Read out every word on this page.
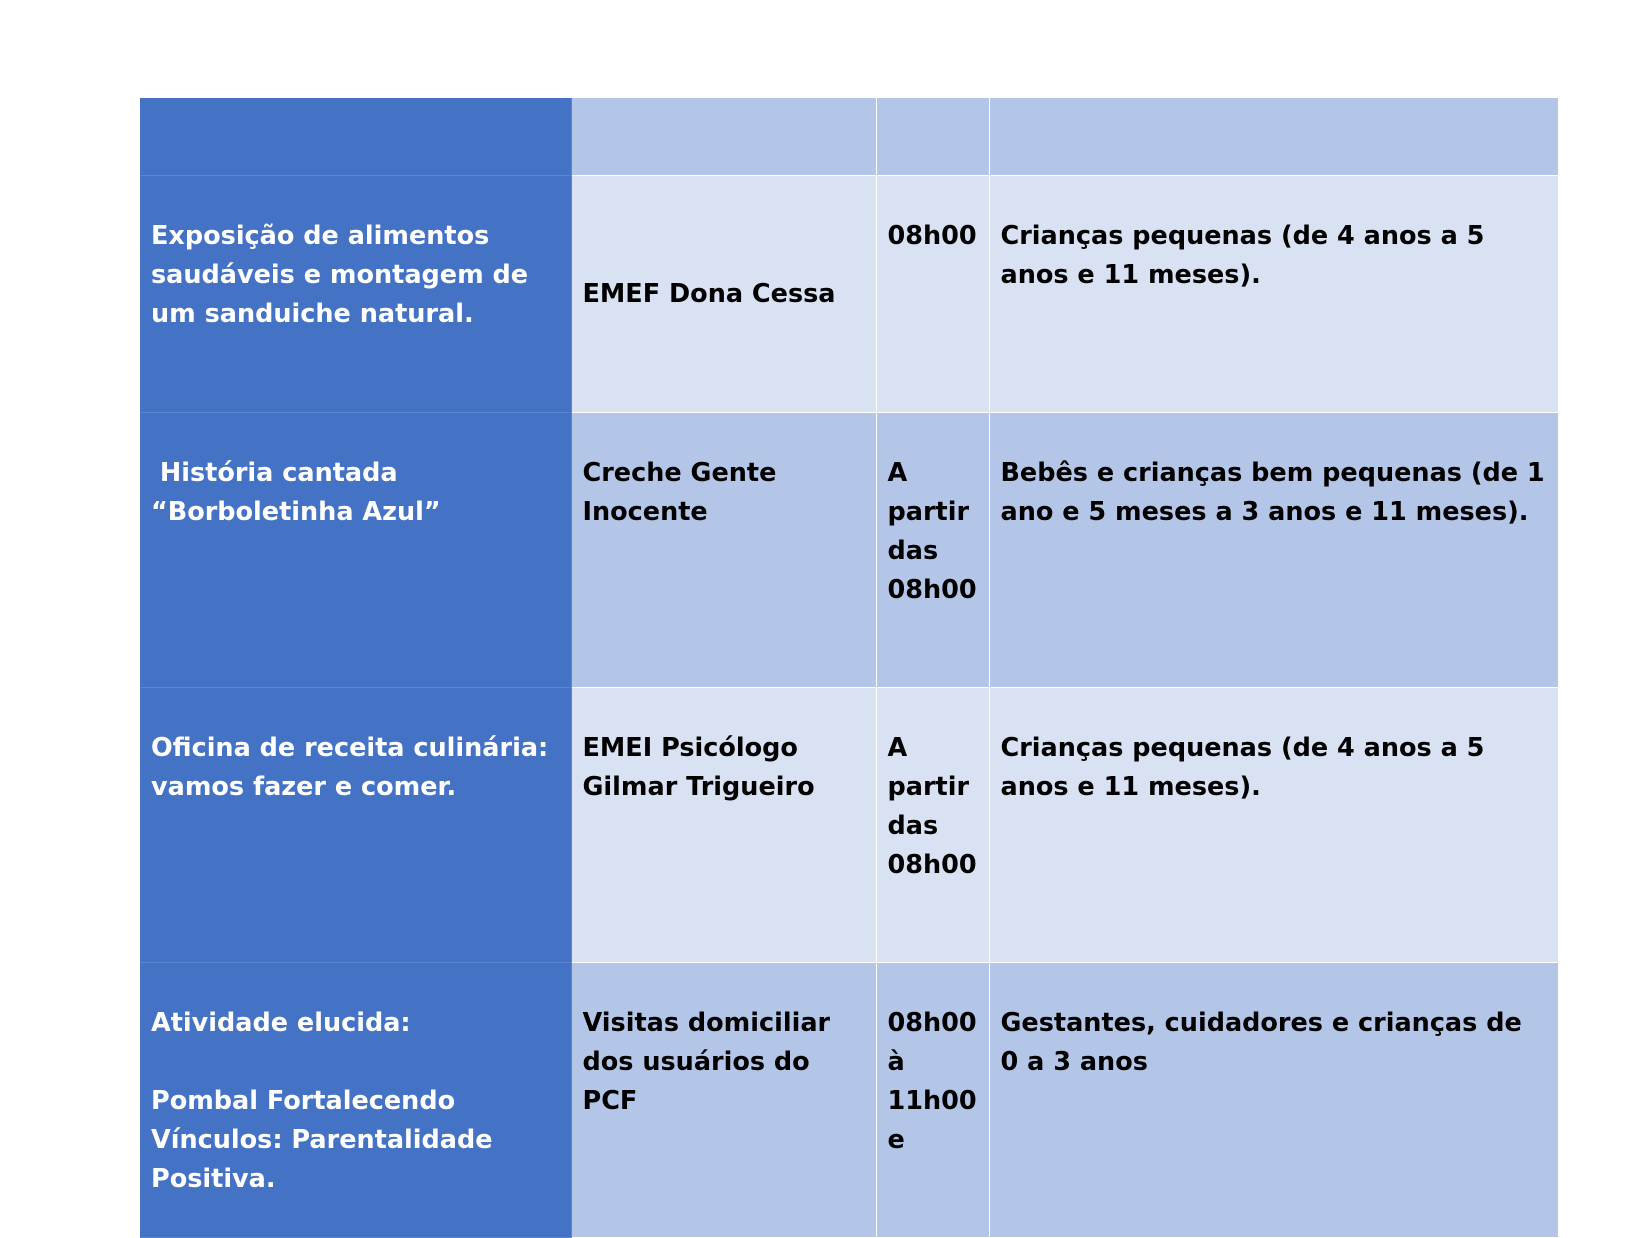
Exposição de alimentos saudáveis e montagem de um sanduiche natural.	EMEF Dona Cessa	08h00	Crianças pequenas (de 4 anos a 5 anos e 11 meses).

História cantada “Borboletinha Azul”	Creche Gente Inocente	A partir das 08h00	Bebês e crianças bem pequenas (de 1 ano e 5 meses a 3 anos e 11 meses).

Oficina de receita culinária:  vamos fazer e comer.	EMEI Psicólogo Gilmar Trigueiro	A partir das 08h00	Crianças pequenas (de 4 anos a 5 anos e 11 meses).

Atividade elucida:
Pombal Fortalecendo Vínculos: Parentalidade Positiva.	Visitas domiciliar dos usuários do PCF	08h00 à 11h00 e	Gestantes, cuidadores e crianças de 0 a 3 anos
